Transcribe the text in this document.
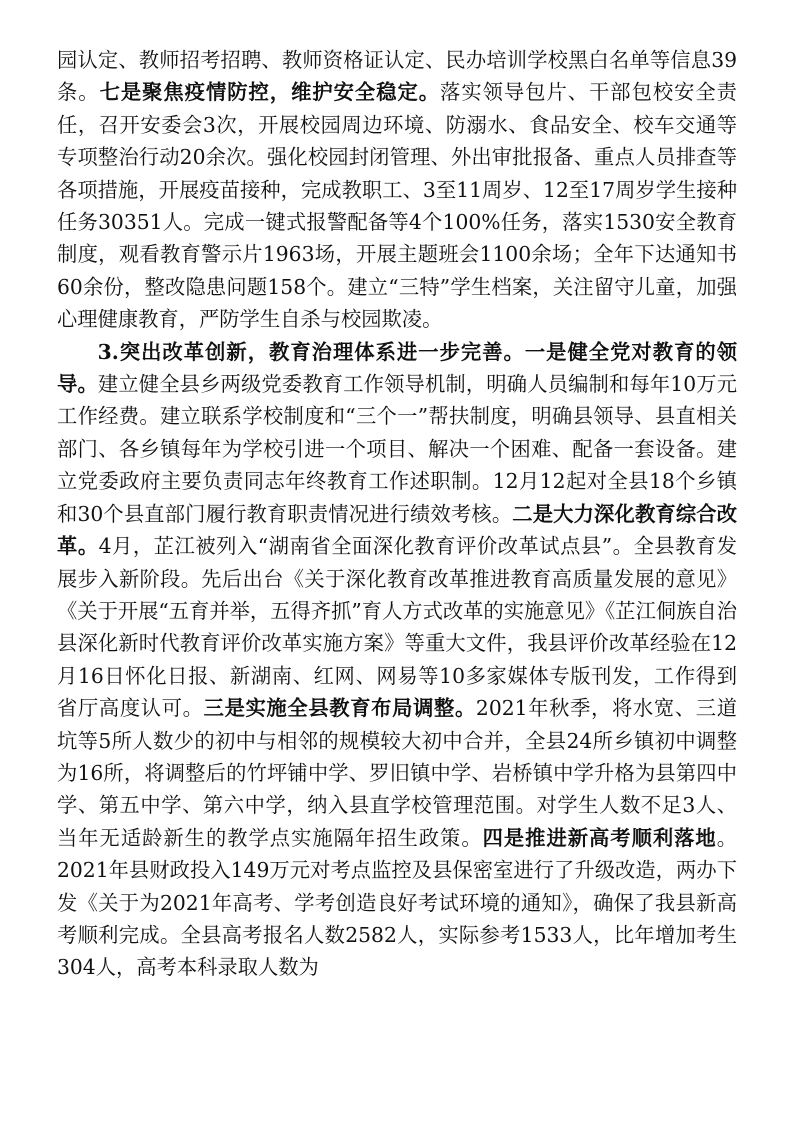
园认定、教师招考招聘、教师资格证认定、民办培训学校黑白名单等信息39条。七是聚焦疫情防控，维护安全稳定。落实领导包片、干部包校安全责任，召开安委会3次，开展校园周边环境、防溺水、食品安全、校车交通等专项整治行动20余次。强化校园封闭管理、外出审批报备、重点人员排查等各项措施，开展疫苗接种，完成教职工、3至11周岁、12至17周岁学生接种任务30351人。完成一键式报警配备等4个100%任务，落实1530安全教育制度，观看教育警示片1963场，开展主题班会1100余场；全年下达通知书60余份，整改隐患问题158个。建立“三特”学生档案，关注留守儿童，加强心理健康教育，严防学生自杀与校园欺凌。

3.突出改革创新，教育治理体系进一步完善。一是健全党对教育的领导。建立健全县乡两级党委教育工作领导机制，明确人员编制和每年10万元工作经费。建立联系学校制度和“三个一”帮扶制度，明确县领导、县直相关部门、各乡镇每年为学校引进一个项目、解决一个困难、配备一套设备。建立党委政府主要负责同志年终教育工作述职制。12月12起对全县18个乡镇和30个县直部门履行教育职责情况进行绩效考核。二是大力深化教育综合改革。4月，芷江被列入“湖南省全面深化教育评价改革试点县”。全县教育发展步入新阶段。先后出台《关于深化教育改革推进教育高质量发展的意见》《关于开展“五育并举，五得齐抓”育人方式改革的实施意见》《芷江侗族自治县深化新时代教育评价改革实施方案》等重大文件，我县评价改革经验在12月16日怀化日报、新湖南、红网、网易等10多家媒体专版刊发，工作得到省厅高度认可。三是实施全县教育布局调整。2021年秋季，将水宽、三道坑等5所人数少的初中与相邻的规模较大初中合并，全县24所乡镇初中调整为16所，将调整后的竹坪铺中学、罗旧镇中学、岩桥镇中学升格为县第四中学、第五中学、第六中学，纳入县直学校管理范围。对学生人数不足3人、当年无适龄新生的教学点实施隔年招生政策。四是推进新高考顺利落地。2021年县财政投入149万元对考点监控及县保密室进行了升级改造，两办下发《关于为2021年高考、学考创造良好考试环境的通知》，确保了我县新高考顺利完成。全县高考报名人数2582人，实际参考1533人，比年增加考生304人，高考本科录取人数为
